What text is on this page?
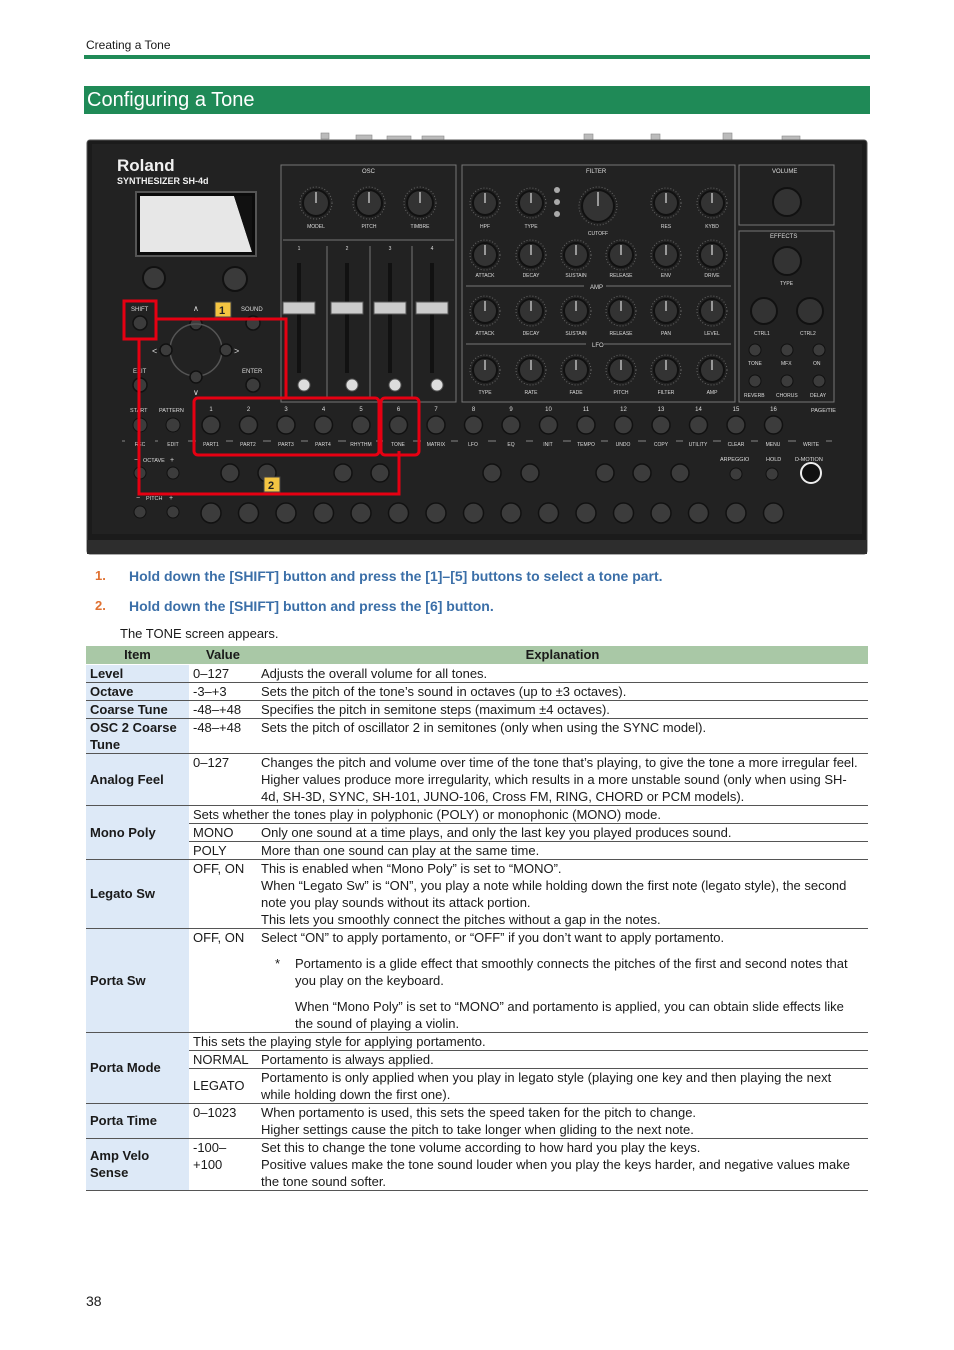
Creating a Tone
Configuring a Tone
Roland
SYNTHESIZER SH-4d
SHIFT	SOUND
∧
<	>
∨
EXIT	ENTER
OSC
MODEL	PITCH	TIMBRE
1	2	3	4
FILTER
AMP
LFO
HPF	TYPE	RES	KYBD
CUTOFF
ATTACK	DECAY	SUSTAIN	RELEASE	ENV	DRIVE
ATTACK	DECAY	SUSTAIN	RELEASE	PAN	LEVEL
TYPE	RATE	FADE	PITCH	FILTER	AMP
VOLUME
EFFECTS
TYPE
CTRL1	CTRL2
TONE	MFX	ON
REVERB CHORUS DELAY
START PATTERN	PAGE/TIE
1	2	3	4	5	6	7	8	9	10	11	12	13	14	15	16
REC	EDIT	PART1	PART2	PART3	PART4	RHYTHM	TONE	MATRIX	LFO	EQ	INIT	TEMPO	UNDO	COPY	UTILITY	CLEAR	MENU	WRITE
− OCTAVE +
− PITCH +
ARPEGGIO	HOLD D-MOTION
1
2
1.	Hold down the [SHIFT] button and press the [1]–[5] buttons to select a tone part.
2.	Hold down the [SHIFT] button and press the [6] button.
The TONE screen appears.
Item	Value	Explanation
Level	0–127	Adjusts the overall volume for all tones.
Octave	-3–+3	Sets the pitch of the tone’s sound in octaves (up to ±3 octaves).
Coarse Tune	-48–+48	Specifies the pitch in semitone steps (maximum ±4 octaves).
OSC 2 Coarse Tune	-48–+48	Sets the pitch of oscillator 2 in semitones (only when using the SYNC model).
Analog Feel	0–127	Changes the pitch and volume over time of the tone that’s playing, to give the tone a more irregular feel.
Higher values produce more irregularity, which results in a more unstable sound (only when using SH-4d, SH-3D, SYNC, SH-101, JUNO-106, Cross FM, RING, CHORD or PCM models).

Mono Poly	Sets whether the tones play in polyphonic (POLY) or monophonic (MONO) mode.	
	MONO	Only one sound at a time plays, and only the last key you played produces sound.
	POLY	More than one sound can play at the same time.
Legato Sw	OFF, ON	This is enabled when “Mono Poly” is set to “MONO”.
When “Legato Sw” is “ON”, you play a note while holding down the first note (legato style), the second note you play sounds without its attack portion.
This lets you smoothly connect the pitches without a gap in the notes.

Porta Sw	OFF, ON	Select “ON” to apply portamento, or “OFF” if you don’t want to apply portamento.
* Portamento is a glide effect that smoothly connects the pitches of the first and second notes that you play on the keyboard.
When “Mono Poly” is set to “MONO” and portamento is applied, you can obtain slide effects like the sound of playing a violin.

Porta Mode	This sets the playing style for applying portamento.	
	NORMAL	Portamento is always applied.
	LEGATO	Portamento is only applied when you play in legato style (playing one key and then playing the next while holding down the first one).
Porta Time	0–1023	When portamento is used, this sets the speed taken for the pitch to change.
Higher settings cause the pitch to take longer when gliding to the next note.

Amp Velo Sense	-100–+100	Set this to change the tone volume according to how hard you play the keys.
Positive values make the tone sound louder when you play the keys harder, and negative values make the tone sound softer.
38
